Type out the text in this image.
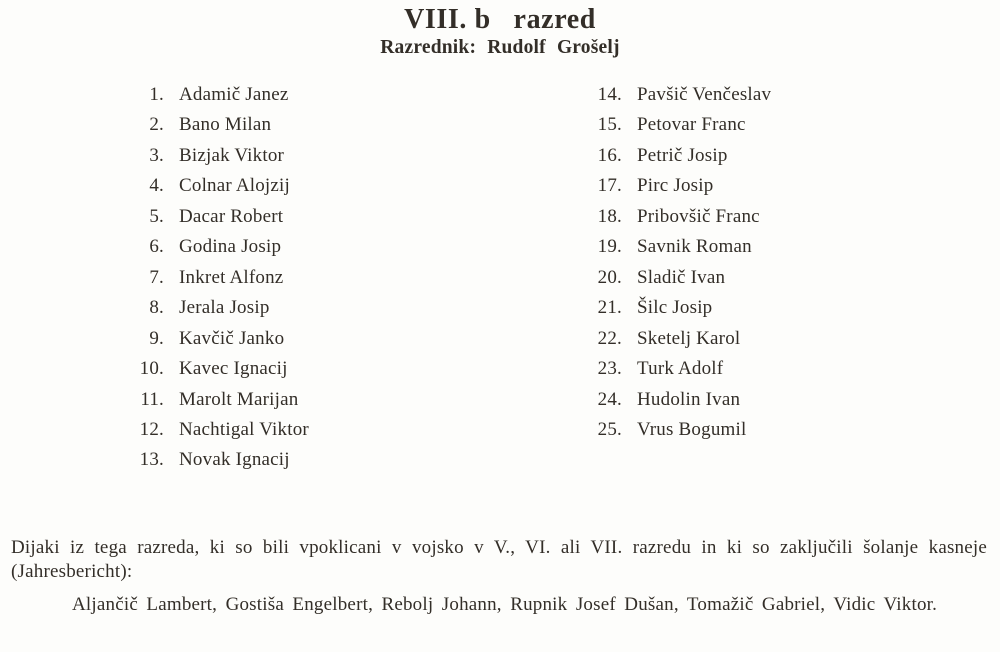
VIII. b   razred
Razrednik: Rudolf Grošelj
1. Adamič Janez
2. Bano Milan
3. Bizjak Viktor
4. Colnar Alojzij
5. Dacar Robert
6. Godina Josip
7. Inkret Alfonz
8. Jerala Josip
9. Kavčič Janko
10. Kavec Ignacij
11. Marolt Marijan
12. Nachtigal Viktor
13. Novak Ignacij
14. Pavšič Venčeslav
15. Petovar Franc
16. Petrič Josip
17. Pirc Josip
18. Pribovšič Franc
19. Savnik Roman
20. Sladič Ivan
21. Šilc Josip
22. Sketelj Karol
23. Turk Adolf
24. Hudolin Ivan
25. Vrus Bogumil
Dijaki iz tega razreda, ki so bili vpoklicani v vojsko v V., VI. ali VII. razredu in ki so zaključili šolanje kasneje
(Jahresbericht):
Aljančič Lambert, Gostiša Engelbert, Rebolj Johann, Rupnik Josef Dušan, Tomažič Gabriel, Vidic Viktor.
